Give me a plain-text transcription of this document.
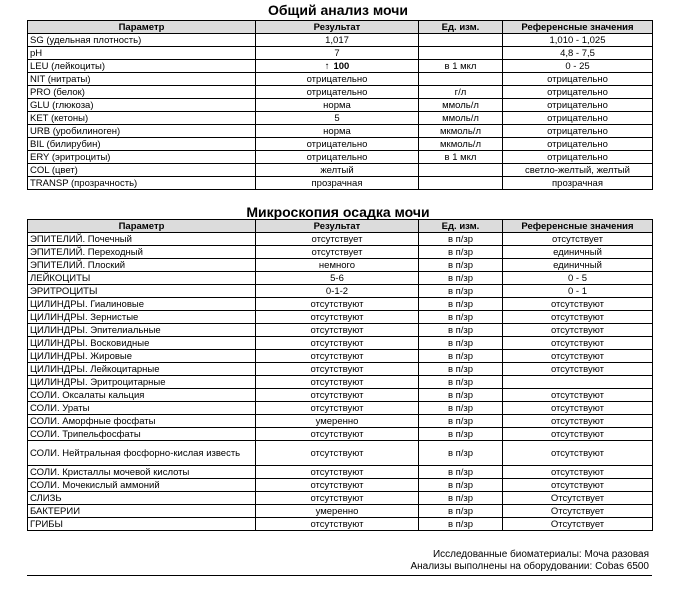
Общий анализ мочи
Параметр	Результат	Ед. изм.	Референсные значения
SG (удельная плотность)	1,017		1,010 - 1,025
pH	7		4,8 - 7,5
LEU (лейкоциты)	↑ 100	в 1 мкл	0 - 25
NIT (нитраты)	отрицательно		отрицательно
PRO (белок)	отрицательно	г/л	отрицательно
GLU (глюкоза)	норма	ммоль/л	отрицательно
KET (кетоны)	5	ммоль/л	отрицательно
URB (уробилиноген)	норма	мкмоль/л	отрицательно
BIL (билирубин)	отрицательно	мкмоль/л	отрицательно
ERY (эритроциты)	отрицательно	в 1 мкл	отрицательно
COL (цвет)	желтый		светло-желтый, желтый
TRANSP (прозрачность)	прозрачная		прозрачная
Микроскопия осадка мочи
Параметр	Результат	Ед. изм.	Референсные значения
ЭПИТЕЛИЙ. Почечный	отсутствует	в п/зр	отсутствует
ЭПИТЕЛИЙ. Переходный	отсутствует	в п/зр	единичный
ЭПИТЕЛИЙ. Плоский	немного	в п/зр	единичный
ЛЕЙКОЦИТЫ	5-6	в п/зр	0 - 5
ЭРИТРОЦИТЫ	0-1-2	в п/зр	0 - 1
ЦИЛИНДРЫ. Гиалиновые	отсутствуют	в п/зр	отсутствуют
ЦИЛИНДРЫ. Зернистые	отсутствуют	в п/зр	отсутствуют
ЦИЛИНДРЫ. Эпителиальные	отсутствуют	в п/зр	отсутствуют
ЦИЛИНДРЫ. Восковидные	отсутствуют	в п/зр	отсутствуют
ЦИЛИНДРЫ. Жировые	отсутствуют	в п/зр	отсутствуют
ЦИЛИНДРЫ. Лейкоцитарные	отсутствуют	в п/зр	отсутствуют
ЦИЛИНДРЫ. Эритроцитарные	отсутствуют	в п/зр	
СОЛИ. Оксалаты кальция	отсутствуют	в п/зр	отсутствуют
СОЛИ. Ураты	отсутствуют	в п/зр	отсутствуют
СОЛИ. Аморфные фосфаты	умеренно	в п/зр	отсутствуют
СОЛИ. Трипельфосфаты	отсутствуют	в п/зр	отсутствуют
СОЛИ. Нейтральная фосфорно-кислая известь	отсутствуют	в п/зр	отсутствуют
СОЛИ. Кристаллы мочевой кислоты	отсутствуют	в п/зр	отсутствуют
СОЛИ. Мочекислый аммоний	отсутствуют	в п/зр	отсутствуют
СЛИЗЬ	отсутствуют	в п/зр	Отсутствует
БАКТЕРИИ	умеренно	в п/зр	Отсутствует
ГРИБЫ	отсутствуют	в п/зр	Отсутствует
Исследованные биоматериалы: Моча разовая
Анализы выполнены на оборудовании: Cobas 6500
